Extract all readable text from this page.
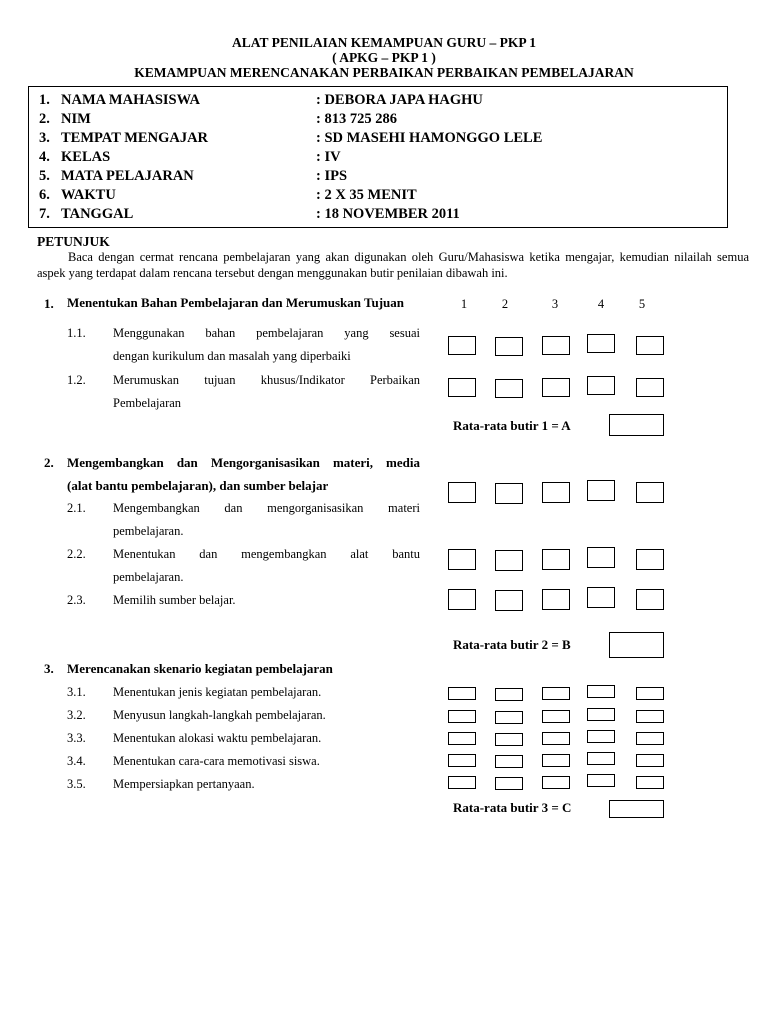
ALAT PENILAIAN KEMAMPUAN GURU – PKP 1
( APKG – PKP 1 )
KEMAMPUAN MERENCANAKAN PERBAIKAN PERBAIKAN PEMBELAJARAN
1. NAMA MAHASISWA	: DEBORA JAPA HAGHU
2. NIM	: 813 725 286
3. TEMPAT MENGAJAR	: SD MASEHI HAMONGGO LELE
4. KELAS	: IV
5. MATA PELAJARAN	: IPS
6. WAKTU	: 2 X 35 MENIT
7. TANGGAL	: 18 NOVEMBER 2011
PETUNJUK

Baca dengan cermat rencana pembelajaran yang akan digunakan oleh Guru/Mahasiswa ketika mengajar, kemudian nilailah semua aspek yang terdapat dalam rencana tersebut dengan menggunakan butir penilaian dibawah ini.

1	2	3	4	5
1. Menentukan Bahan Pembelajaran dan Merumuskan Tujuan
1.1.	Menggunakan bahan pembelajaran yang sesuai
dengan kurikulum dan masalah yang diperbaiki
1.2.	Merumuskan tujuan khusus/Indikator Perbaikan
Pembelajaran
Rata-rata butir 1 = A
2. Mengembangkan dan Mengorganisasikan materi, media
(alat bantu pembelajaran), dan sumber belajar
2.1.	Mengembangkan dan mengorganisasikan materi
pembelajaran.
2.2.	Menentukan dan mengembangkan alat bantu
pembelajaran.
2.3.	Memilih sumber belajar.
Rata-rata butir 2 = B
3. Merencanakan skenario kegiatan pembelajaran
3.1.	Menentukan jenis kegiatan pembelajaran.
3.2.	Menyusun langkah-langkah pembelajaran.
3.3.	Menentukan alokasi waktu pembelajaran.
3.4.	Menentukan cara-cara memotivasi siswa.
3.5.	Mempersiapkan pertanyaan.
Rata-rata butir 3 = C
